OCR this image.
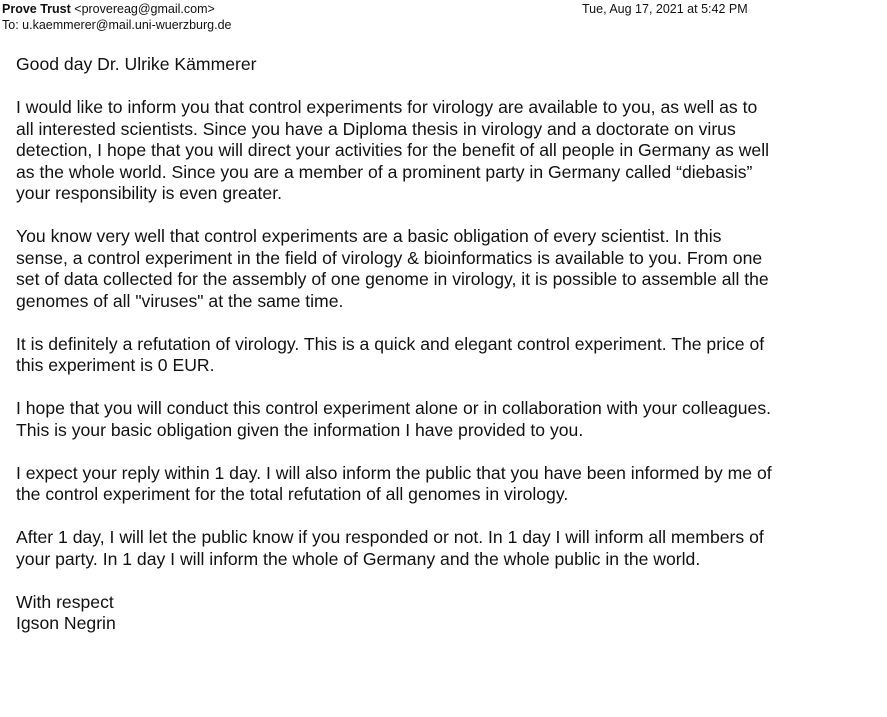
Prove Trust <provereag@gmail.com>
To: u.kaemmerer@mail.uni-wuerzburg.de
Tue, Aug 17, 2021 at 5:42 PM

Good day Dr. Ulrike Kämmerer

I would like to inform you that control experiments for virology are available to you, as well as to all interested scientists. Since you have a Diploma thesis in virology and a doctorate on virus detection, I hope that you will direct your activities for the benefit of all people in Germany as well as the whole world. Since you are a member of a prominent party in Germany called “diebasis” your responsibility is even greater.

You know very well that control experiments are a basic obligation of every scientist. In this sense, a control experiment in the field of virology & bioinformatics is available to you. From one set of data collected for the assembly of one genome in virology, it is possible to assemble all the genomes of all "viruses" at the same time.

It is definitely a refutation of virology. This is a quick and elegant control experiment. The price of this experiment is 0 EUR.

I hope that you will conduct this control experiment alone or in collaboration with your colleagues. This is your basic obligation given the information I have provided to you.

I expect your reply within 1 day. I will also inform the public that you have been informed by me of the control experiment for the total refutation of all genomes in virology.

After 1 day, I will let the public know if you responded or not. In 1 day I will inform all members of your party. In 1 day I will inform the whole of Germany and the whole public in the world.

With respect

Igson Negrin
